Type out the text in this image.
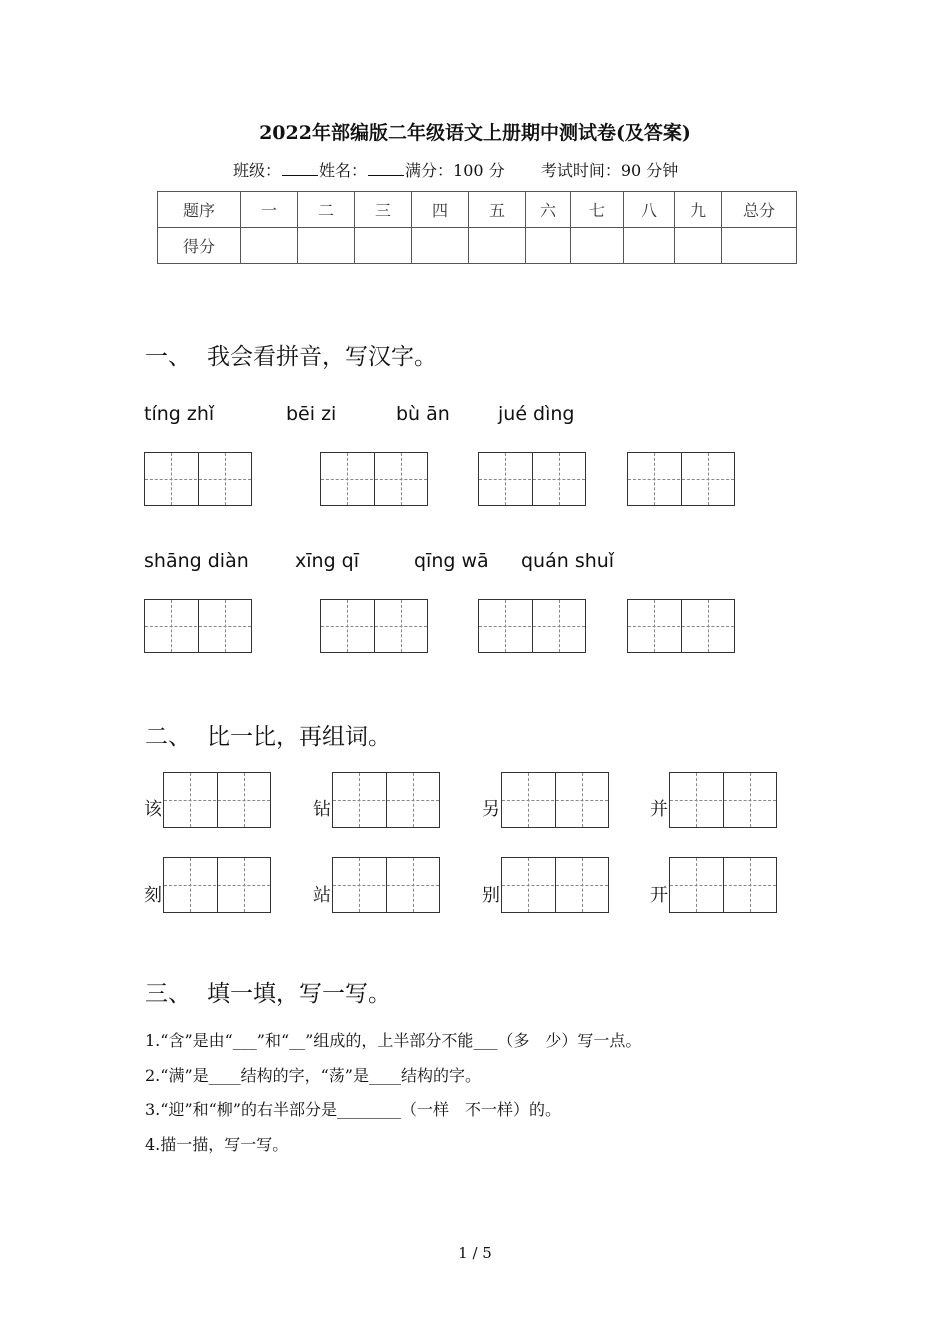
2022年部编版二年级语文上册期中测试卷(及答案)
班级： 姓名： 满分：100 分 考试时间：90 分钟
题序	一	二	三	四	五	六	七	八	九	总分
得分										
一、 我会看拼音，写汉字。
tíng zhǐ	bēi zi	bù ān	jué dìng
shāng diàn xīng qī	qīng wā quán shuǐ
二、 比一比，再组词。
该	钻	另	并
刻	站	别	开
三、 填一填，写一写。
1.“含”是由“___”和“__”组成的，上半部分不能___（多　少）写一点。
2.“满”是____结构的字，“荡”是____结构的字。
3.“迎”和“柳”的右半部分是________（一样　不一样）的。
4.描一描，写一写。
1 / 5
